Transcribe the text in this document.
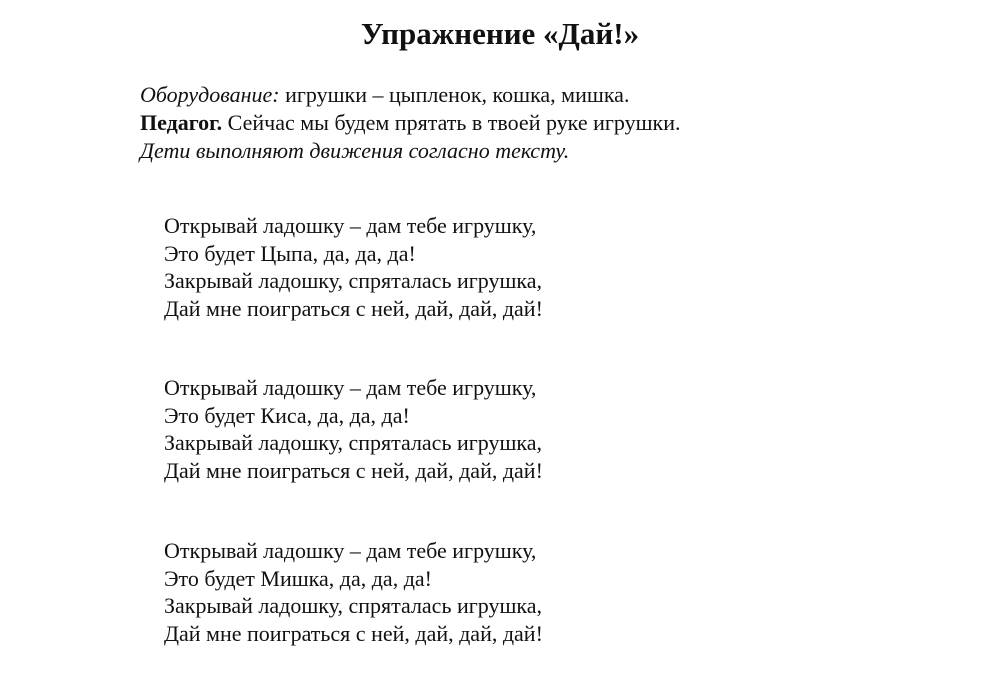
Упражнение «Дай!»
Оборудование: игрушки – цыпленок, кошка, мишка.
Педагог. Сейчас мы будем прятать в твоей руке игрушки.
Дети выполняют движения согласно тексту.
Открывай ладошку – дам тебе игрушку,
Это будет Цыпа, да, да, да!
Закрывай ладошку, спряталась игрушка,
Дай мне поиграться с ней, дай, дай, дай!
Открывай ладошку – дам тебе игрушку,
Это будет Киса, да, да, да!
Закрывай ладошку, спряталась игрушка,
Дай мне поиграться с ней, дай, дай, дай!
Открывай ладошку – дам тебе игрушку,
Это будет Мишка, да, да, да!
Закрывай ладошку, спряталась игрушка,
Дай мне поиграться с ней, дай, дай, дай!
